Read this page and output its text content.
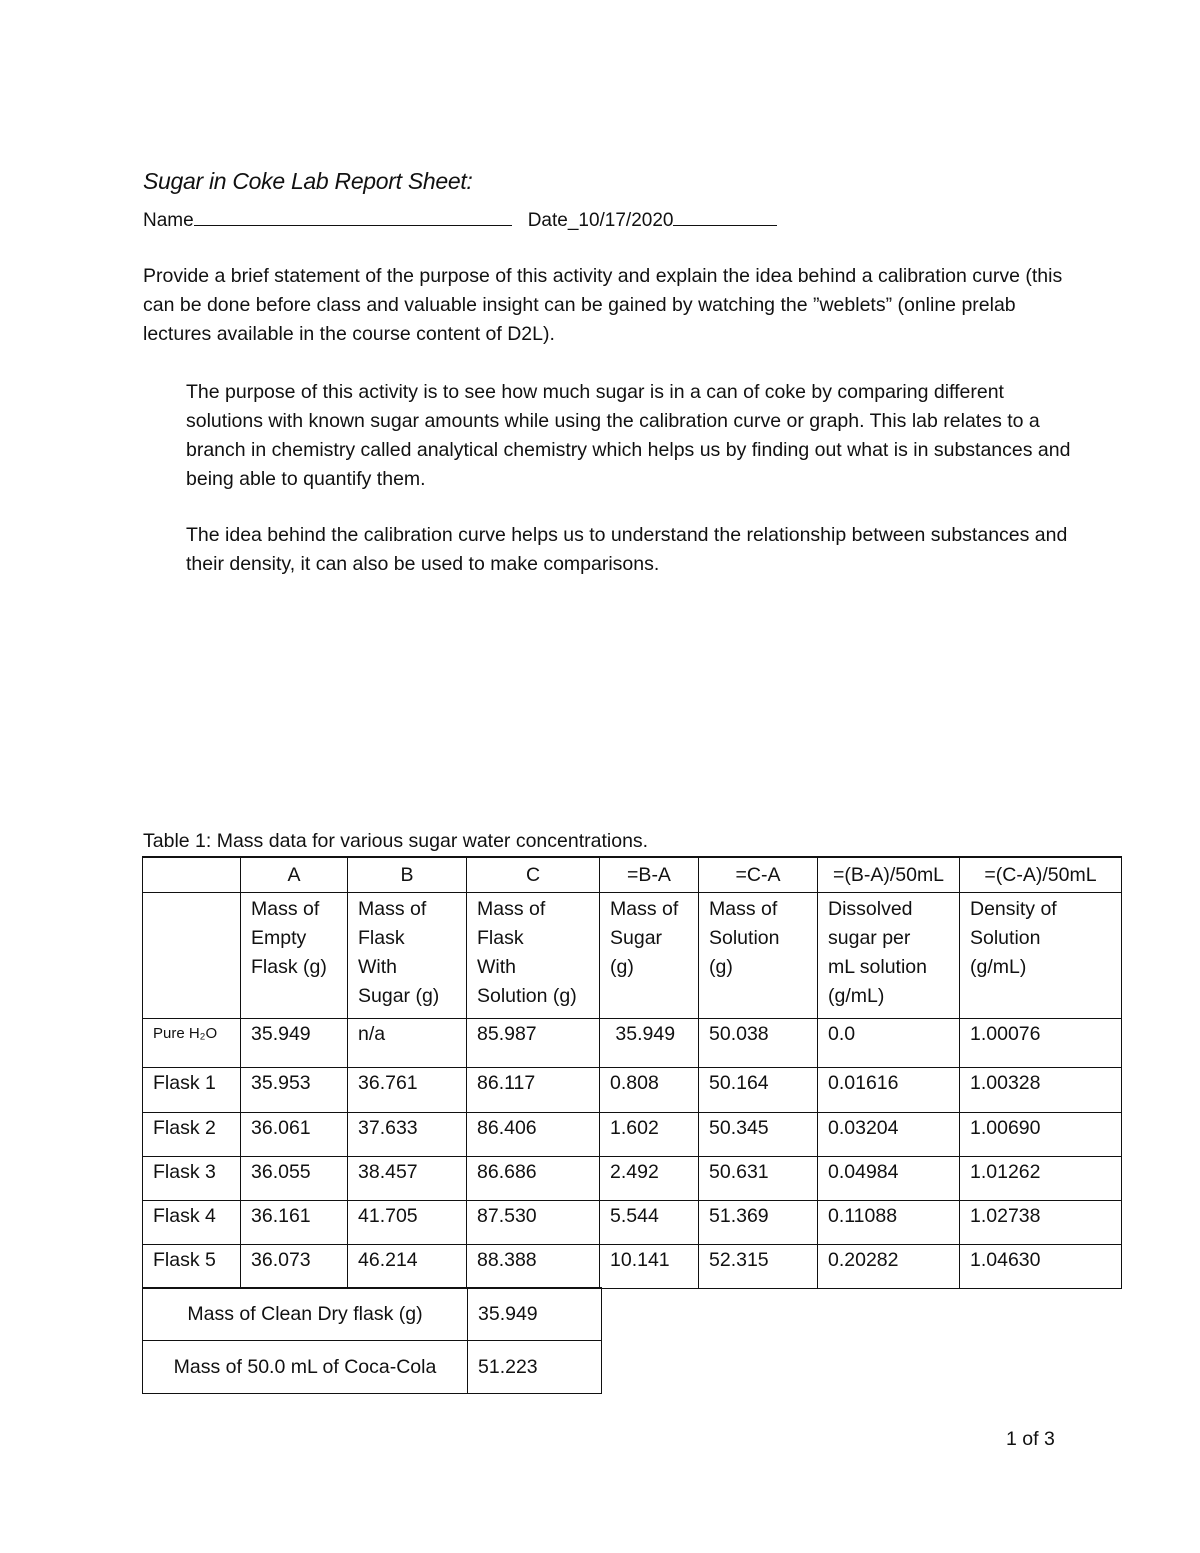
Sugar in Coke Lab Report Sheet:
Name	Date_10/17/2020
Provide a brief statement of the purpose of this activity and explain the idea behind a calibration curve (this can be done before class and valuable insight can be gained by watching the ”weblets” (online prelab lectures available in the course content of D2L).
The purpose of this activity is to see how much sugar is in a can of coke by comparing different solutions with known sugar amounts while using the calibration curve or graph. This lab relates to a branch in chemistry called analytical chemistry which helps us by finding out what is in substances and being able to quantify them.
The idea behind the calibration curve helps us to understand the relationship between substances and their density, it can also be used to make comparisons.
Table 1: Mass data for various sugar water concentrations.
	A	B	C	=B-A	=C-A	=(B-A)/50mL	=(C-A)/50mL
	Mass of
Empty
Flask (g)	Mass of
Flask
With
Sugar (g)	Mass of
Flask
With
Solution (g)	Mass of
Sugar
(g)	Mass of
Solution
(g)	Dissolved
sugar per
mL solution
(g/mL)	Density of
Solution
(g/mL)
Pure H₂O	35.949	n/a	85.987	35.949	50.038	0.0	1.00076
Flask 1	35.953	36.761	86.117	0.808	50.164	0.01616	1.00328
Flask 2	36.061	37.633	86.406	1.602	50.345	0.03204	1.00690
Flask 3	36.055	38.457	86.686	2.492	50.631	0.04984	1.01262
Flask 4	36.161	41.705	87.530	5.544	51.369	0.11088	1.02738
Flask 5	36.073	46.214	88.388	10.141	52.315	0.20282	1.04630
Mass of Clean Dry flask (g)	35.949
Mass of 50.0 mL of Coca-Cola	51.223
1 of 3
